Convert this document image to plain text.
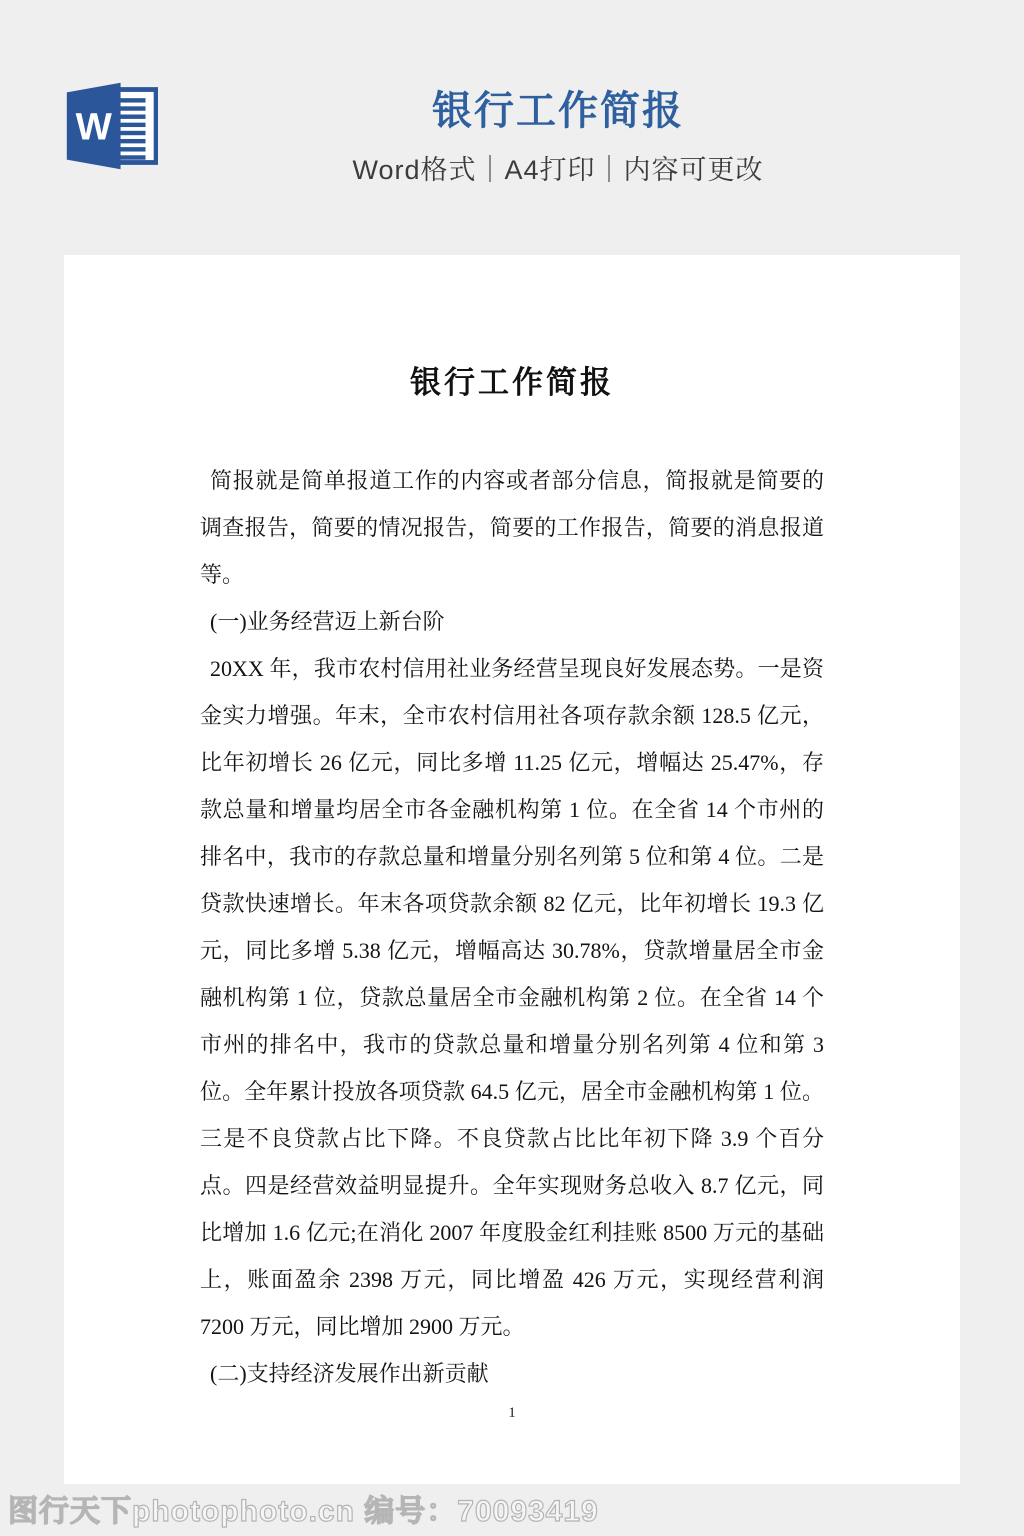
W	银行工作简报
Word格式｜A4打印｜内容可更改
银行工作简报

简报就是简单报道工作的内容或者部分信息，简报就是简要的调查报告，简要的情况报告，简要的工作报告，简要的消息报道等。

(一)业务经营迈上新台阶

20XX 年，我市农村信用社业务经营呈现良好发展态势。一是资金实力增强。年末，全市农村信用社各项存款余额 128.5 亿元，比年初增长 26 亿元，同比多增 11.25 亿元，增幅达 25.47%，存款总量和增量均居全市各金融机构第 1 位。在全省 14 个市州的排名中，我市的存款总量和增量分别名列第 5 位和第 4 位。二是贷款快速增长。年末各项贷款余额 82 亿元，比年初增长 19.3 亿元，同比多增 5.38 亿元，增幅高达 30.78%，贷款增量居全市金融机构第 1 位，贷款总量居全市金融机构第 2 位。在全省 14 个市州的排名中，我市的贷款总量和增量分别名列第 4 位和第 3 位。全年累计投放各项贷款 64.5 亿元，居全市金融机构第 1 位。三是不良贷款占比下降。不良贷款占比比年初下降 3.9 个百分点。四是经营效益明显提升。全年实现财务总收入 8.7 亿元，同比增加 1.6 亿元;在消化 2007 年度股金红利挂账 8500 万元的基础上，账面盈余 2398 万元，同比增盈 426 万元，实现经营利润 7200 万元，同比增加 2900 万元。

(二)支持经济发展作出新贡献

1
图行天下photophoto.cn 编号：70093419
